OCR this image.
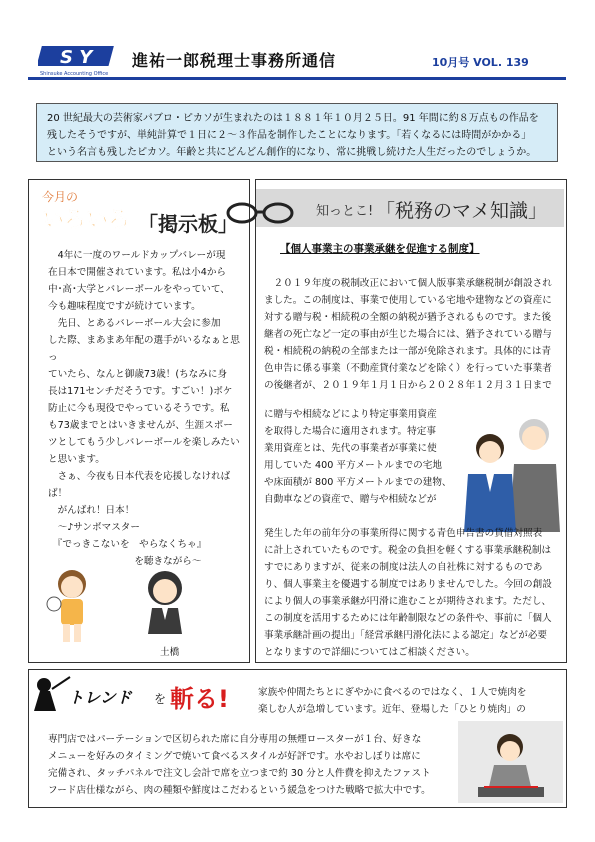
S Y
Shinsuke Accounting Office
進祐一郎税理士事務所通信	10月号 VOL. 139
20 世紀最大の芸術家パブロ・ピカソが生まれたのは１８８１年１０月２５日。91 年間に約８万点もの作品を
残したそうですが、単純計算で１日に２～３作品を制作したことになります。「若くなるには時間がかかる」
という名言も残したピカソ。年齢と共にどんどん創作的になり、常に挑戦し続けた人生だったのでしょうか。
今月の
いろいろ 「掲示板」
　4年に一度のワールドカップバレーが現
在日本で開催されています。私は小4から
中･高･大学とバレーボールをやっていて、
今も趣味程度ですが続けています。
　先日、とあるバレーボール大会に参加
した際、まあまあ年配の選手がいるなぁと思っ
ていたら、なんと御歳73歳！(ちなみに身
長は171センチだそうです。すごい！)ボケ
防止に今も現役でやっているそうです。私
も73歳までとはいきませんが、生涯スポー
ツとしてもう少しバレーボールを楽しみたい
と思います。
　さぁ、今夜も日本代表を応援しなければ
ば！
　がんばれ！日本！
　～♪サンボマスター
　『でっきこないを　やらなくちゃ』
　　　　　　　　　を聴きながら～
土橋
知っとこ! 「税務のマメ知識」
【個人事業主の事業承継を促進する制度】
　２０１９年度の税制改正において個人版事業承継税制が創設され
ました。この制度は、事業で使用している宅地や建物などの資産に
対する贈与税・相続税の全額の納税が猶予されるものです。また後
継者の死亡など一定の事由が生じた場合には、猶予されている贈与
税・相続税の納税の全部または一部が免除されます。具体的には青
色申告に係る事業（不動産貸付業などを除く）を行っていた事業者
の後継者が、２０１９年１月１日から２０２８年１２月３１日まで
に贈与や相続などにより特定事業用資産
を取得した場合に適用されます。特定事
業用資産とは、先代の事業者が事業に使
用していた 400 平方メートルまでの宅地
や床面積が 800 平方メートルまでの建物、
自動車などの資産で、贈与や相続などが
発生した年の前年分の事業所得に関する青色申告書の貸借対照表
に計上されていたものです。税金の負担を軽くする事業承継税制は
すでにありますが、従来の制度は法人の自社株に対するものであ
り、個人事業主を優遇する制度ではありませんでした。今回の創設
により個人の事業承継が円滑に進むことが期待されます。ただし、
この制度を活用するためには年齢制限などの条件や、事前に「個人
事業承継計画の提出」「経営承継円滑化法による認定」などが必要
となりますので詳細についてはご相談ください。
トレンド を 斬る!	家族や仲間たちとにぎやかに食べるのではなく、１人で焼肉を
楽しむ人が急増しています。近年、登場した「ひとり焼肉」の
専門店ではパーテーションで区切られた席に自分専用の無煙ロースターが１台、好きな
メニューを好みのタイミングで焼いて食べるスタイルが好評です。水やおしぼりは席に
完備され、タッチパネルで注文し会計で席を立つまで約 30 分と人件費を抑えたファスト
フード店仕様ながら、肉の種類や鮮度はこだわるという緩急をつけた戦略で拡大中です。
